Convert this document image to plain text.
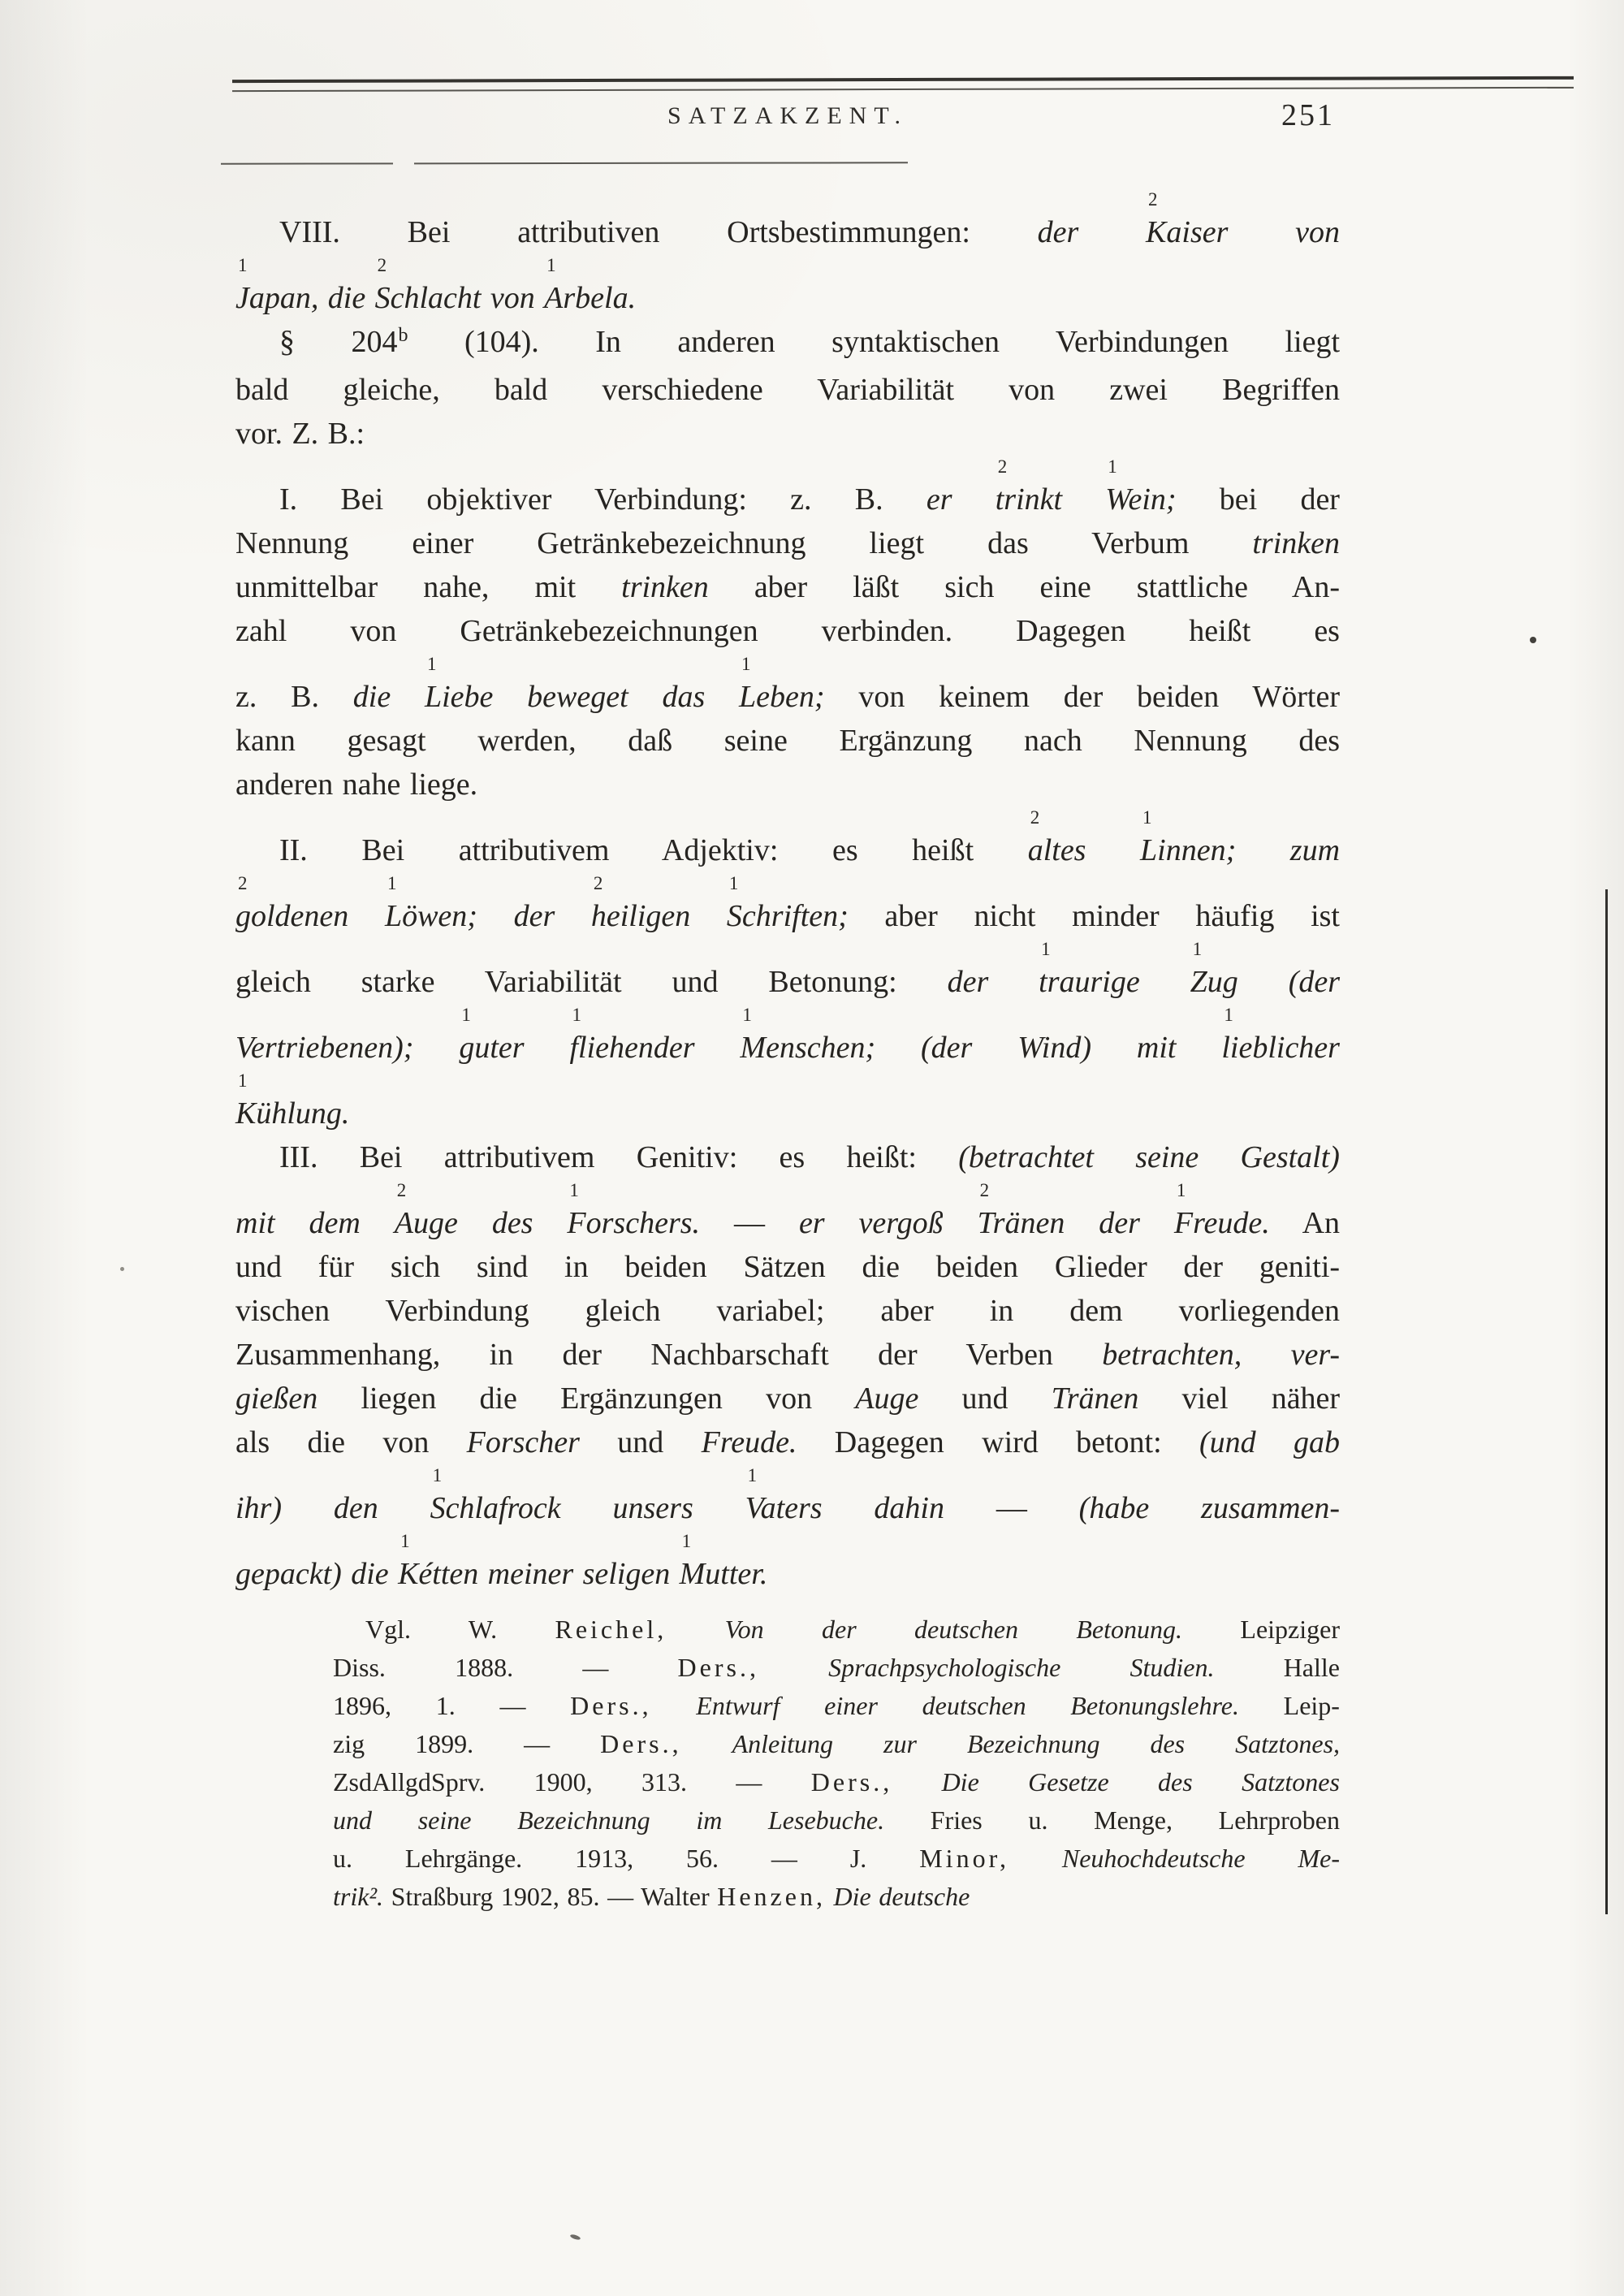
SATZAKZENT.	251
VIII. Bei attributiven Ortsbestimmungen: der Kaiser
2
von
Japan,
1
die Schlacht
2
von Arbela.
1
§ 204$^b$ (104). In anderen syntaktischen Verbindungen liegt
bald gleiche, bald verschiedene Variabilität von zwei Begriffen
vor. Z. B.:
I. Bei objektiver Verbindung: z. B. er trinkt
2
Wein;
1
bei der
Nennung einer Getränkebezeichnung liegt das Verbum trinken
unmittelbar nahe, mit trinken aber läßt sich eine stattliche An-
zahl von Getränkebezeichnungen verbinden. Dagegen heißt es
z. B. die Liebe
1
beweget das Leben;
1
von keinem der beiden Wörter
kann gesagt werden, daß seine Ergänzung nach Nennung des
anderen nahe liege.
II. Bei attributivem Adjektiv: es heißt altes
2
Linnen;
1
zum
goldenen
2
Löwen;
1
der heiligen
2
Schriften;
1
aber nicht minder häufig ist
gleich starke Variabilität und Betonung: der traurige
1
Zug
1
(der
Vertriebenen); guter
1
fliehender
1
Menschen;
1
(der Wind) mit lieblicher
1
Kühlung.
1
III. Bei attributivem Genitiv: es heißt: (betrachtet seine Gestalt)
mit dem Auge
2
des Forschers.
1
— er vergoß Tränen
2
der Freude.
1
An
und für sich sind in beiden Sätzen die beiden Glieder der geniti-
vischen Verbindung gleich variabel; aber in dem vorliegenden
Zusammenhang, in der Nachbarschaft der Verben betrachten, ver-
gießen liegen die Ergänzungen von Auge und Tränen viel näher
als die von Forscher und Freude. Dagegen wird betont: (und gab
ihr) den Schlafrock
1
unsers Vaters
1
dahin — (habe zusammen-
gepackt) die Kétten
1
meiner seligen Mutter.
1
Vgl. W. Reichel, Von der deutschen Betonung. Leipziger
Diss.	1888.	—	Ders.,	Sprachpsychologische	Studien.	Halle
1896, 1. — Ders., Entwurf einer deutschen Betonungslehre. Leip-
zig 1899. — Ders., Anleitung zur Bezeichnung des Satztones,
ZsdAllgdSprv. 1900, 313. — Ders., Die Gesetze des Satztones
und seine Bezeichnung im Lesebuche. Fries u. Menge, Lehrproben
u. Lehrgänge. 1913, 56. — J. Minor, Neuhochdeutsche Me-
trik². Straßburg 1902, 85. — Walter Henzen, Die deutsche
